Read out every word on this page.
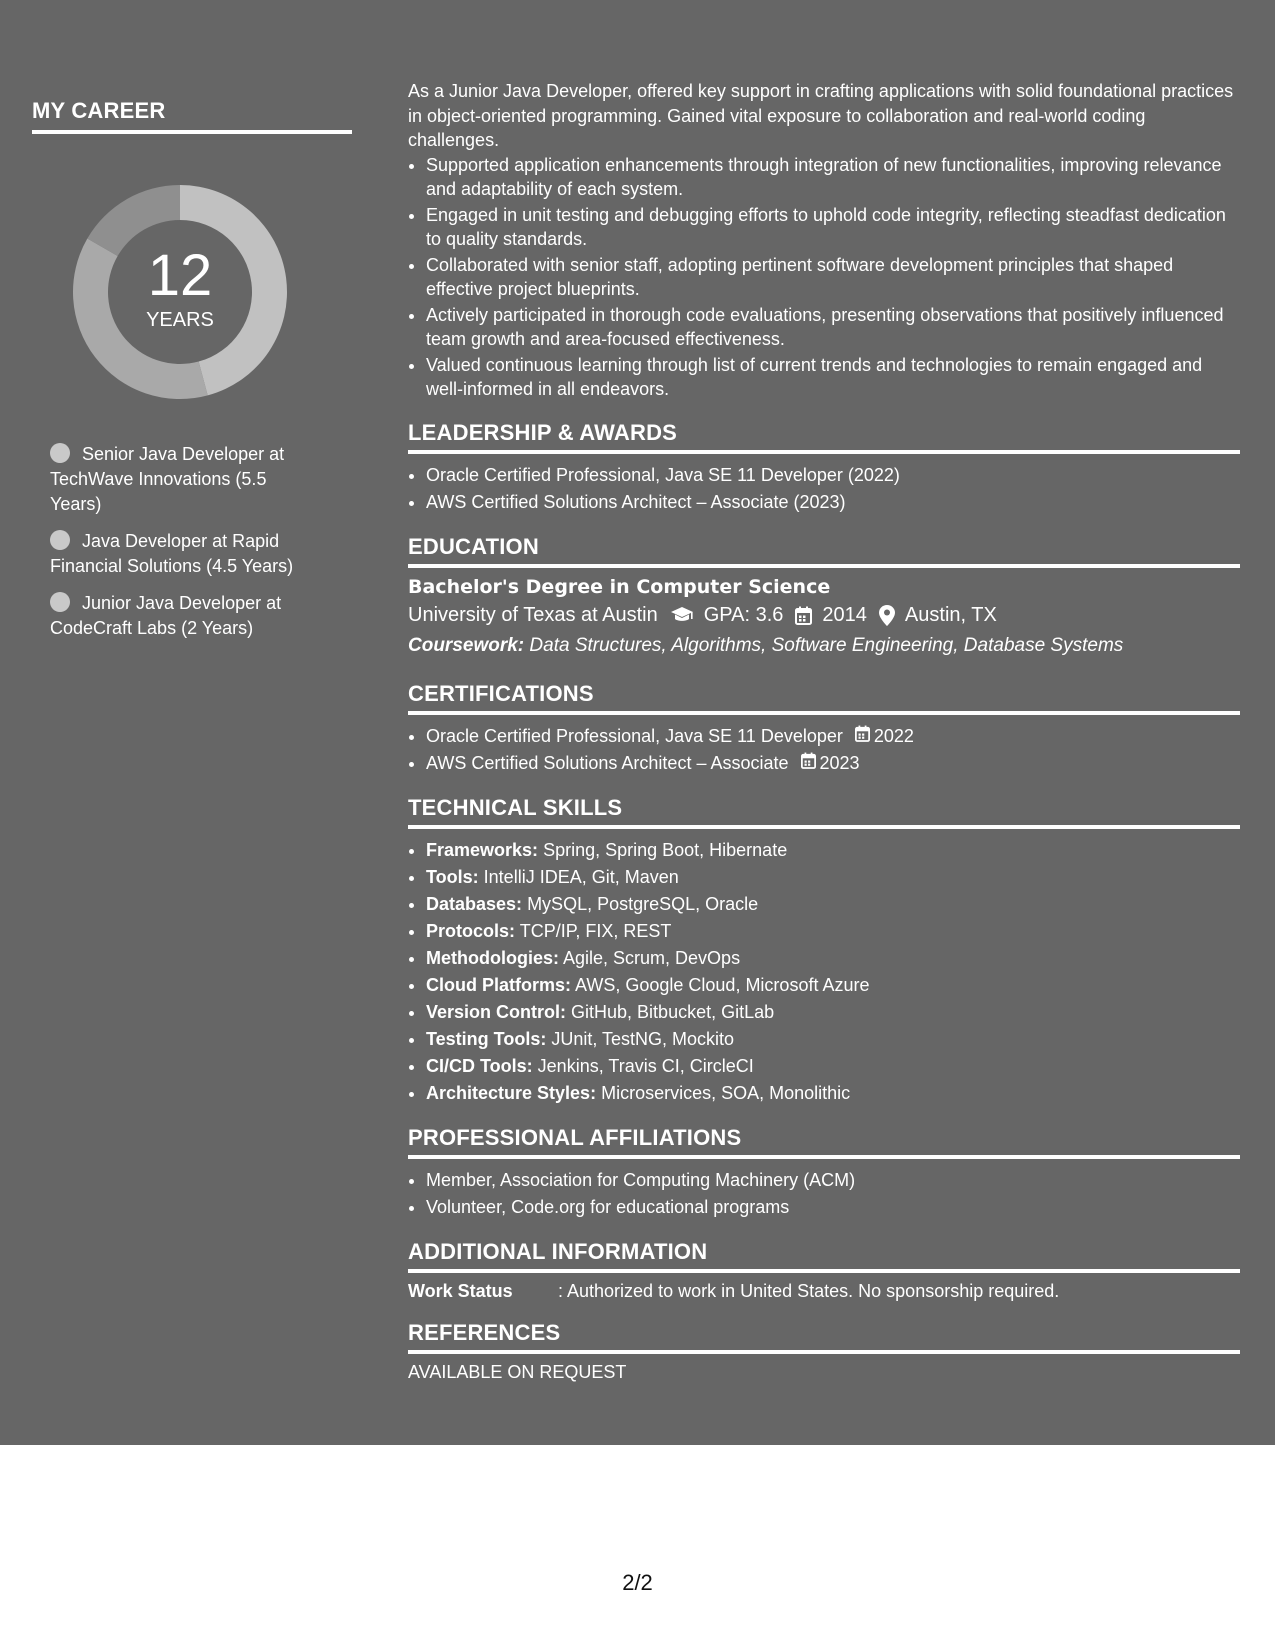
MY CAREER
12
YEARS
Senior Java Developer at TechWave Innovations (5.5 Years)
Java Developer at Rapid Financial Solutions (4.5 Years)
Junior Java Developer at CodeCraft Labs (2 Years)

As a Junior Java Developer, offered key support in crafting applications with solid foundational practices in object-oriented programming. Gained vital exposure to collaboration and real-world coding challenges.

• Supported application enhancements through integration of new functionalities, improving relevance and adaptability of each system.
• Engaged in unit testing and debugging efforts to uphold code integrity, reflecting steadfast dedication to quality standards.
• Collaborated with senior staff, adopting pertinent software development principles that shaped effective project blueprints.
• Actively participated in thorough code evaluations, presenting observations that positively influenced team growth and area-focused effectiveness.
• Valued continuous learning through list of current trends and technologies to remain engaged and well-informed in all endeavors.
LEADERSHIP & AWARDS
• Oracle Certified Professional, Java SE 11 Developer (2022)
• AWS Certified Solutions Architect – Associate (2023)
EDUCATION

Bachelor's Degree in Computer Science

University of Texas at Austin GPA: 3.6 2014 Austin, TX
Coursework: Data Structures, Algorithms, Software Engineering, Database Systems
CERTIFICATIONS
• Oracle Certified Professional, Java SE 11 Developer 2022
• AWS Certified Solutions Architect – Associate 2023
TECHNICAL SKILLS
• Frameworks: Spring, Spring Boot, Hibernate
• Tools: IntelliJ IDEA, Git, Maven
• Databases: MySQL, PostgreSQL, Oracle
• Protocols: TCP/IP, FIX, REST
• Methodologies: Agile, Scrum, DevOps
• Cloud Platforms: AWS, Google Cloud, Microsoft Azure
• Version Control: GitHub, Bitbucket, GitLab
• Testing Tools: JUnit, TestNG, Mockito
• CI/CD Tools: Jenkins, Travis CI, CircleCI
• Architecture Styles: Microservices, SOA, Monolithic
PROFESSIONAL AFFILIATIONS
• Member, Association for Computing Machinery (ACM)
• Volunteer, Code.org for educational programs
ADDITIONAL INFORMATION
Work Status	: Authorized to work in United States. No sponsorship required.
REFERENCES
AVAILABLE ON REQUEST
2/2
